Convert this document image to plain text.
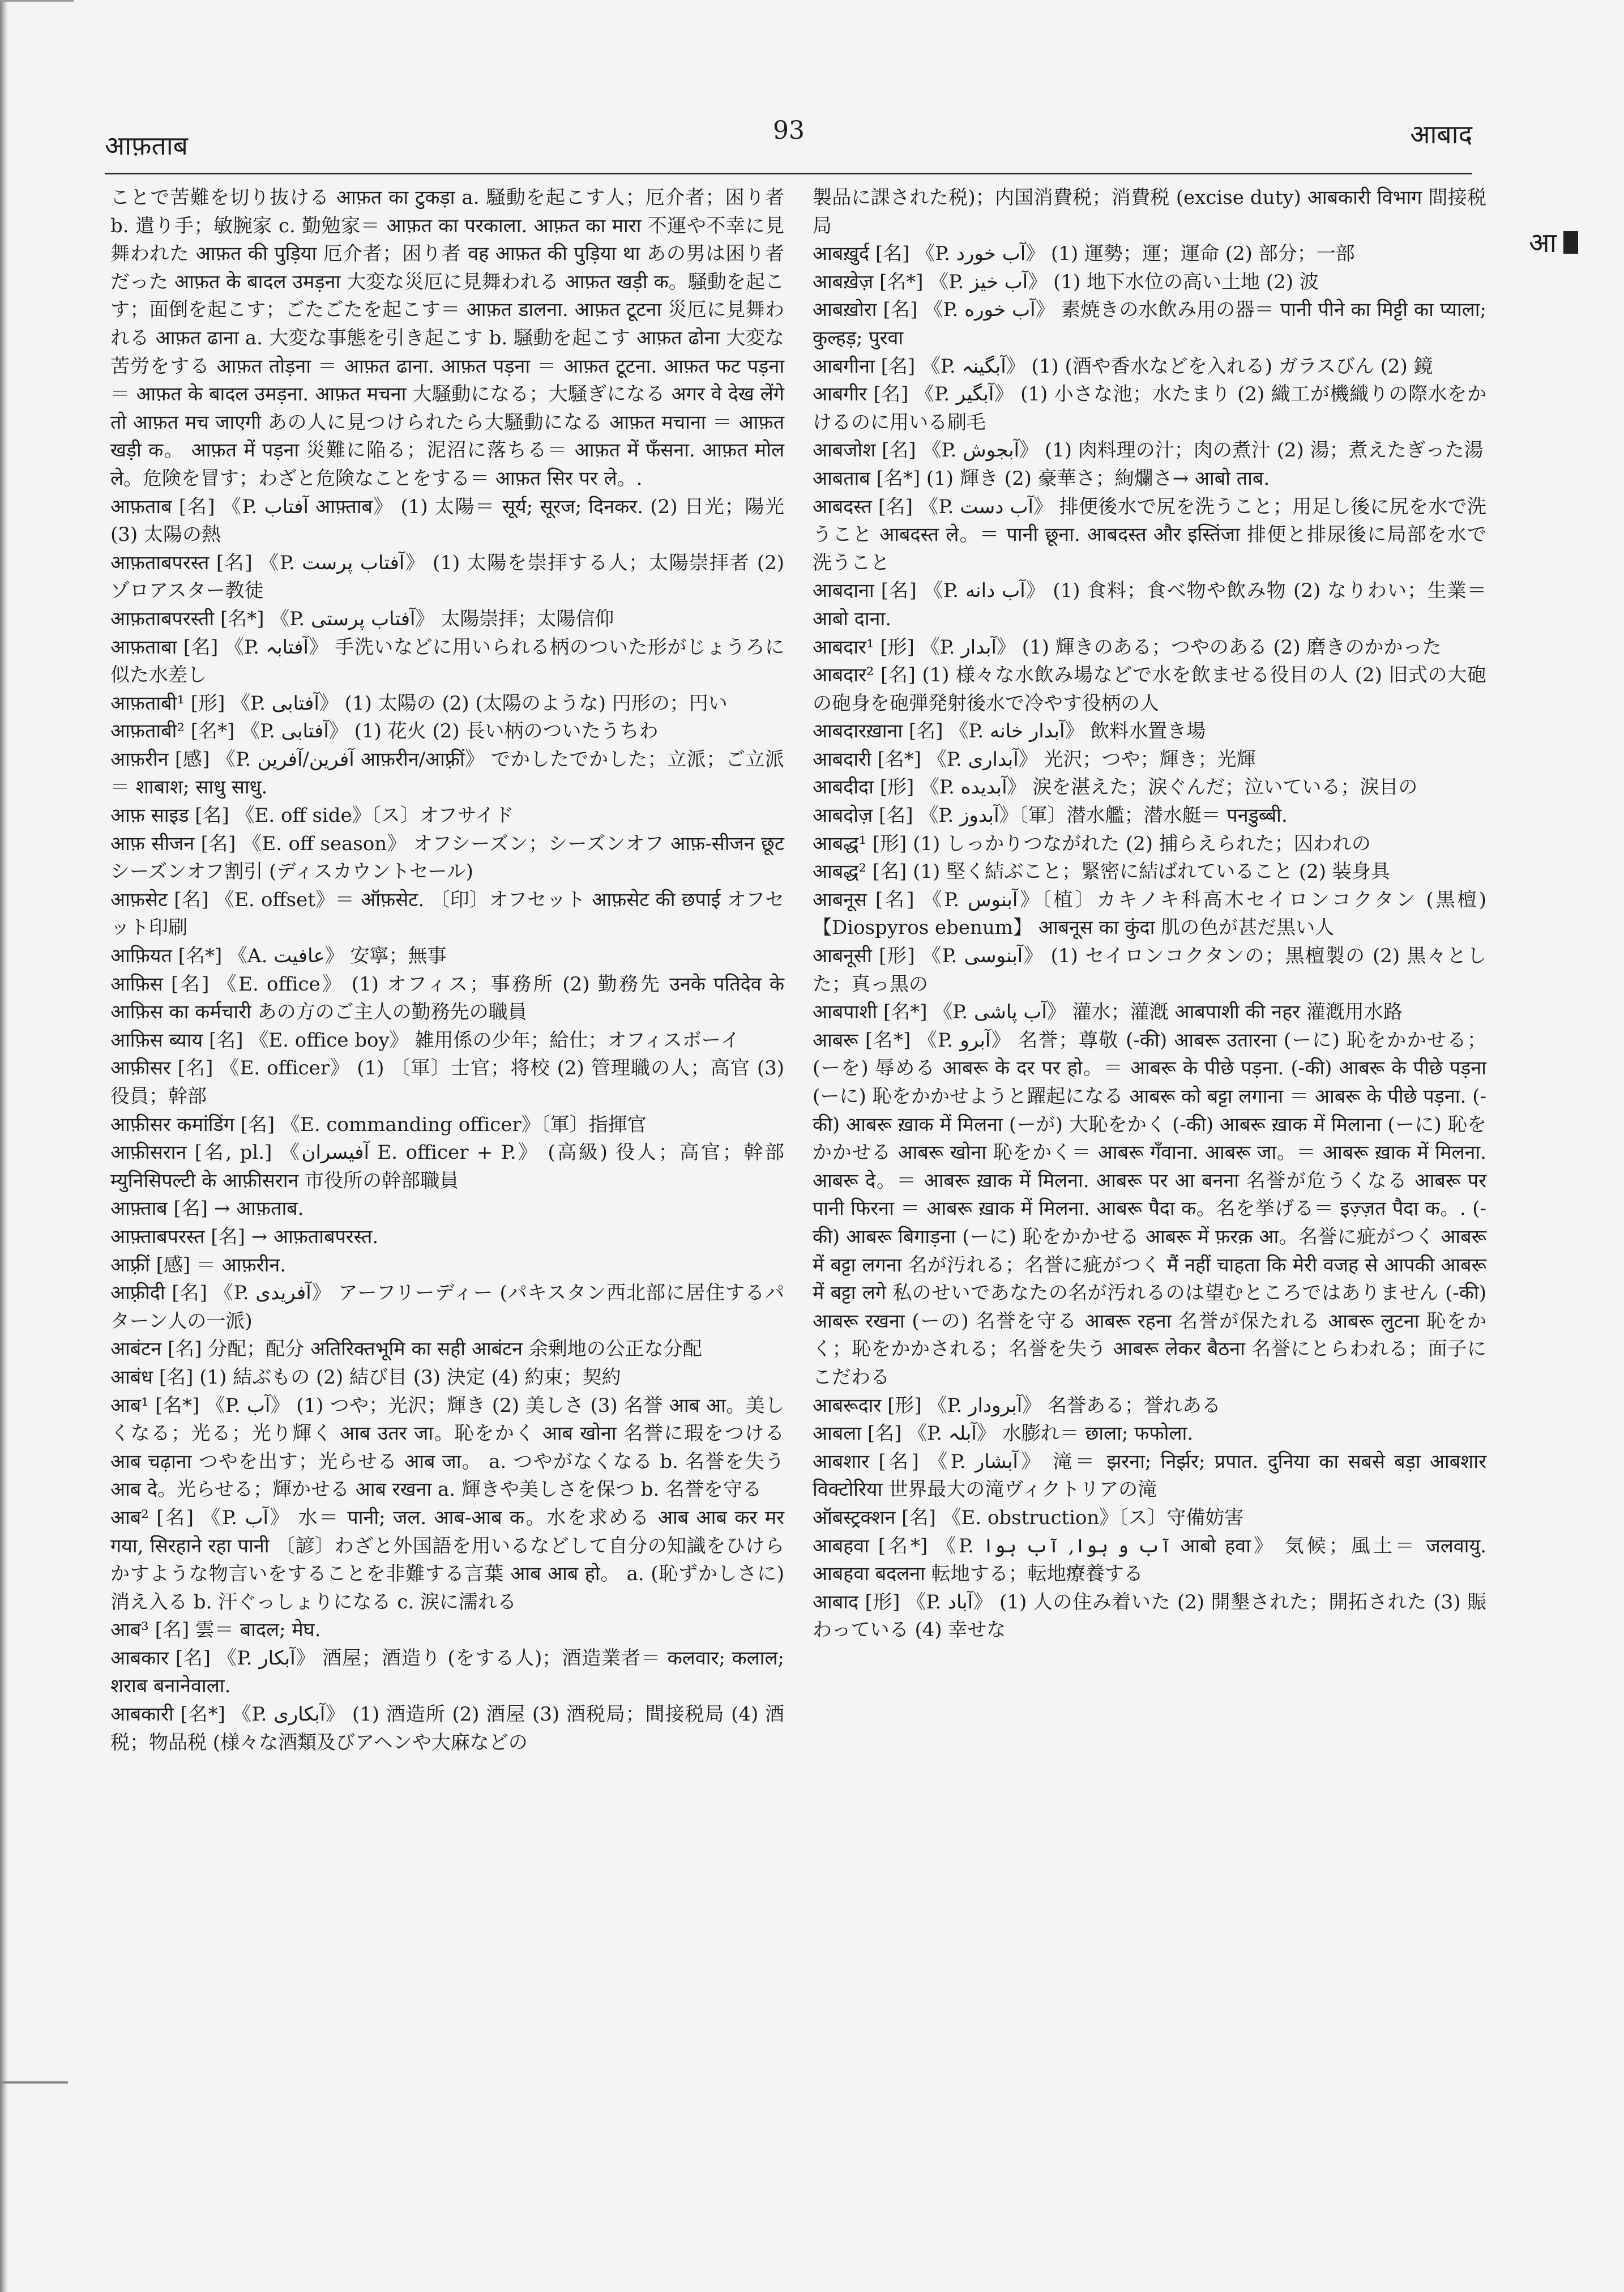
आफ़ताब	93	आबाद
आ

ことで苦難を切り抜ける आफ़त का टुकड़ा a. 騒動を起こす人；厄介者；困り者 b. 遣り手；敏腕家 c. 勤勉家＝ आफ़त का परकाला. आफ़त का मारा 不運や不幸に見舞われた आफ़त की पुड़िया 厄介者；困り者 वह आफ़त की पुड़िया था あの男は困り者だった आफ़त के बादल उमड़ना 大変な災厄に見舞われる आफ़त खड़ी क。騒動を起こす；面倒を起こす；ごたごたを起こす＝ आफ़त डालना. आफ़त टूटना 災厄に見舞われる आफ़त ढाना a. 大変な事態を引き起こす b. 騒動を起こす आफ़त ढोना 大変な苦労をする आफ़त तोड़ना ＝ आफ़त ढाना. आफ़त पड़ना ＝ आफ़त टूटना. आफ़त फट पड़ना ＝ आफ़त के बादल उमड़ना. आफ़त मचना 大騒動になる；大騒ぎになる अगर वे देख लेंगे तो आफ़त मच जाएगी あの人に見つけられたら大騒動になる आफ़त मचाना ＝ आफ़त खड़ी क。 आफ़त में पड़ना 災難に陥る；泥沼に落ちる＝ आफ़त में फँसना. आफ़त मोल ले。危険を冒す；わざと危険なことをする＝ आफ़त सिर पर ले。.

आफ़ताब [名] 《P. آفتاب आफ़्ताब》 (1) 太陽＝ सूर्य; सूरज; दिनकर. (2) 日光；陽光 (3) 太陽の熱

आफ़ताबपरस्त [名] 《P. آفتاب پرست》 (1) 太陽を崇拝する人；太陽崇拝者 (2) ゾロアスター教徒

आफ़ताबपरस्ती [名*] 《P. آفتاب پرستی》 太陽崇拝；太陽信仰

आफ़ताबा [名] 《P. آفتابہ》 手洗いなどに用いられる柄のついた形がじょうろに似た水差し

आफ़ताबी¹ [形] 《P. آفتابی》 (1) 太陽の (2) (太陽のような) 円形の；円い

आफ़ताबी² [名*] 《P. آفتابی》 (1) 花火 (2) 長い柄のついたうちわ

आफ़रीन [感] 《P. آفرین/آفرین आफ़रीन/आफ़्रीं》 でかしたでかした；立派；ご立派＝ शाबाश; साधु साधु.

आफ़ साइड [名] 《E. off side》〔ス〕オフサイド

आफ़ सीजन [名] 《E. off season》 オフシーズン；シーズンオフ आफ़-सीजन छूट シーズンオフ割引 (ディスカウントセール)

आफ़सेट [名] 《E. offset》＝ ऑफ़सेट. 〔印〕オフセット आफ़सेट की छपाई オフセット印刷

आफ़ियत [名*] 《A. عافیت》 安寧；無事

आफ़िस [名] 《E. office》 (1) オフィス；事務所 (2) 勤務先 उनके पतिदेव के आफ़िस का कर्मचारी あの方のご主人の勤務先の職員

आफ़िस ब्याय [名] 《E. office boy》 雑用係の少年；給仕；オフィスボーイ

आफ़ीसर [名] 《E. officer》 (1) 〔軍〕士官；将校 (2) 管理職の人；高官 (3) 役員；幹部

आफ़ीसर कमांडिंग [名] 《E. commanding officer》〔軍〕指揮官

आफ़ीसरान [名, pl.] 《آفیسران E. officer + P.》 (高級) 役人；高官；幹部 म्युनिसिपल्टी के आफ़ीसरान 市役所の幹部職員

आफ़्ताब [名] → आफ़ताब.

आफ़्ताबपरस्त [名] → आफ़ताबपरस्त.

आफ़्रीं [感] ＝ आफ़रीन.

आफ़्रीदी [名] 《P. آفریدی》 アーフリーディー (パキスタン西北部に居住するパターン人の一派)

आबंटन [名] 分配；配分 अतिरिक्तभूमि का सही आबंटन 余剰地の公正な分配

आबंध [名] (1) 結ぶもの (2) 結び目 (3) 決定 (4) 約束；契約

आब¹ [名*] 《P. آب》 (1) つや；光沢；輝き (2) 美しさ (3) 名誉 आब आ。美しくなる；光る；光り輝く आब उतर जा。恥をかく आब खोना 名誉に瑕をつける आब चढ़ाना つやを出す；光らせる आब जा。 a. つやがなくなる b. 名誉を失う आब दे。光らせる；輝かせる आब रखना a. 輝きや美しさを保つ b. 名誉を守る

आब² [名] 《P. آب》 水＝ पानी; जल. आब-आब क。水を求める आब आब कर मर गया, सिरहाने रहा पानी 〔諺〕わざと外国語を用いるなどして自分の知識をひけらかすような物言いをすることを非難する言葉 आब आब हो。 a. (恥ずかしさに) 消え入る b. 汗ぐっしょりになる c. 涙に濡れる

आब³ [名] 雲＝ बादल; मेघ.

आबकार [名] 《P. آبکار》 酒屋；酒造り (をする人)；酒造業者＝ कलवार; कलाल; शराब बनानेवाला.

आबकारी [名*] 《P. آبکاری》 (1) 酒造所 (2) 酒屋 (3) 酒税局；間接税局 (4) 酒税；物品税 (様々な酒類及びアヘンや大麻などの

製品に課された税)；内国消費税；消費税 (excise duty) आबकारी विभाग 間接税局

आबख़ुर्द [名] 《P. آب خورد》 (1) 運勢；運；運命 (2) 部分；一部

आबख़ेज़ [名*] 《P. آب خیز》 (1) 地下水位の高い土地 (2) 波

आबख़ोरा [名] 《P. آب خوره》 素焼きの水飲み用の器＝ पानी पीने का मिट्टी का प्याला; कुल्हड़; पुरवा

आबगीना [名] 《P. آبگینہ》 (1) (酒や香水などを入れる) ガラスびん (2) 鏡

आबगीर [名] 《P. آبگیر》 (1) 小さな池；水たまり (2) 織工が機織りの際水をかけるのに用いる刷毛

आबजोश [名] 《P. آبجوش》 (1) 肉料理の汁；肉の煮汁 (2) 湯；煮えたぎった湯

आबताब [名*] (1) 輝き (2) 豪華さ；絢爛さ→ आबो ताब.

आबदस्त [名] 《P. آب دست》 排便後水で尻を洗うこと；用足し後に尻を水で洗うこと आबदस्त ले。＝ पानी छूना. आबदस्त और इस्तिंजा 排便と排尿後に局部を水で洗うこと

आबदाना [名] 《P. آب دانه》 (1) 食料；食べ物や飲み物 (2) なりわい；生業＝ आबो दाना.

आबदार¹ [形] 《P. آبدار》 (1) 輝きのある；つやのある (2) 磨きのかかった

आबदार² [名] (1) 様々な水飲み場などで水を飲ませる役目の人 (2) 旧式の大砲の砲身を砲弾発射後水で冷やす役柄の人

आबदारख़ाना [名] 《P. آبدار خانه》 飲料水置き場

आबदारी [名*] 《P. آبداری》 光沢；つや；輝き；光輝

आबदीदा [形] 《P. آبدیده》 涙を湛えた；涙ぐんだ；泣いている；涙目の

आबदोज़ [名] 《P. آبدوز》〔軍〕潜水艦；潜水艇＝ पनडुब्बी.

आबद्ध¹ [形] (1) しっかりつながれた (2) 捕らえられた；囚われの

आबद्ध² [名] (1) 堅く結ぶこと；緊密に結ばれていること (2) 装身具

आबनूस [名] 《P. آبنوس》〔植〕カキノキ科高木セイロンコクタン (黒檀) 【Diospyros ebenum】 आबनूस का कुंदा 肌の色が甚だ黒い人

आबनूसी [形] 《P. آبنوسی》 (1) セイロンコクタンの；黒檀製の (2) 黒々とした；真っ黒の

आबपाशी [名*] 《P. آب پاشی》 灌水；灌漑 आबपाशी की नहर 灌漑用水路

आबरू [名*] 《P. آبرو》 名誉；尊敬 (-की) आबरू उतारना (ーに) 恥をかかせる；(ーを) 辱める आबरू के दर पर हो。＝ आबरू के पीछे पड़ना. (-की) आबरू के पीछे पड़ना (ーに) 恥をかかせようと躍起になる आबरू को बट्टा लगाना ＝ आबरू के पीछे पड़ना. (-की) आबरू ख़ाक में मिलना (ーが) 大恥をかく (-की) आबरू ख़ाक में मिलाना (ーに) 恥をかかせる आबरू खोना 恥をかく＝ आबरू गँवाना. आबरू जा。＝ आबरू ख़ाक में मिलना. आबरू दे。＝ आबरू ख़ाक में मिलना. आबरू पर आ बनना 名誉が危うくなる आबरू पर पानी फिरना ＝ आबरू ख़ाक में मिलना. आबरू पैदा क。名を挙げる＝ इज़्ज़त पैदा क。. (-की) आबरू बिगाड़ना (ーに) 恥をかかせる आबरू में फ़रक़ आ。名誉に疵がつく आबरू में बट्टा लगना 名が汚れる；名誉に疵がつく मैं नहीं चाहता कि मेरी वजह से आपकी आबरू में बट्टा लगे 私のせいであなたの名が汚れるのは望むところではありません (-की) आबरू रखना (ーの) 名誉を守る आबरू रहना 名誉が保たれる आबरू लुटना 恥をかく；恥をかかされる；名誉を失う आबरू लेकर बैठना 名誉にとらわれる；面子にこだわる

आबरूदार [形] 《P. آبرودار》 名誉ある；誉れある

आबला [名] 《P. آبلہ》 水膨れ＝ छाला; फफोला.

आबशार [名] 《P. آبشار》 滝＝ झरना; निर्झर; प्रपात. दुनिया का सबसे बड़ा आबशार विक्टोरिया 世界最大の滝ヴィクトリアの滝

ऑबस्ट्रक्शन [名] 《E. obstruction》〔ス〕守備妨害

आबहवा [名*] 《P. آب و ہوا, آب ہوا आबो हवा》 気候；風土＝ जलवायु. आबहवा बदलना 転地する；転地療養する

आबाद [形] 《P. آباد》 (1) 人の住み着いた (2) 開墾された；開拓された (3) 賑わっている (4) 幸せな
